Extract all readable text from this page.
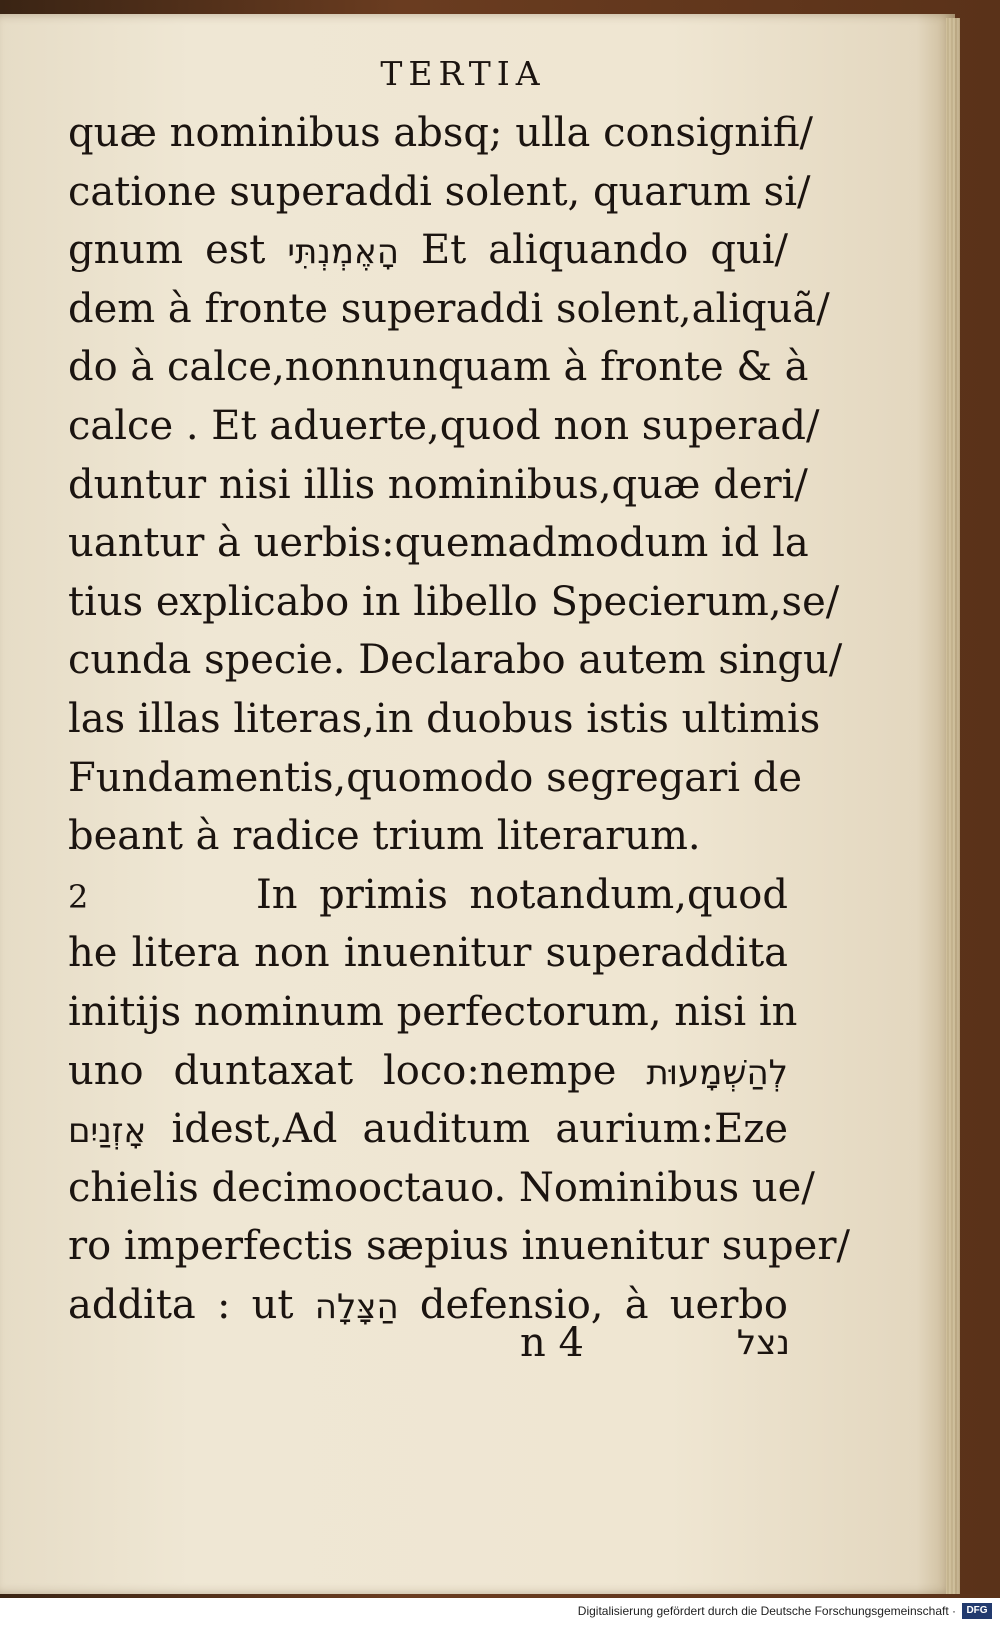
TERTIA

quæ nominibus absq; ulla consignifi/

catione superaddi solent, quarum si/

gnum est הָאֶמְנְתִּי Et aliquando qui/

dem à fronte superaddi solent,aliquã/

do à calce,nonnunquam à fronte & à

calce . Et aduerte,quod non superad/

duntur nisi illis nominibus,quæ deri/

uantur à uerbis:quemadmodum id la

tius explicabo in libello Specierum,se/

cunda specie. Declarabo autem singu/

las illas literas,in duobus istis ultimis

Fundamentis,quomodo segregari de

beant à radice trium literarum.

2	In primis notandum,quod

he litera non inuenitur superaddita

initijs nominum perfectorum, nisi in

uno duntaxat loco:nempe לְהַשְׁמָעוּת

אָזְנַיִם idest,Ad auditum aurium:Eze

chielis decimooctauo. Nominibus ue/

ro imperfectis sæpius inuenitur super/

addita : ut הַצָּלָה defensio, à uerbo

n 4	נצל
Digitalisierung gefördert durch die Deutsche Forschungsgemeinschaft ·	DFG
